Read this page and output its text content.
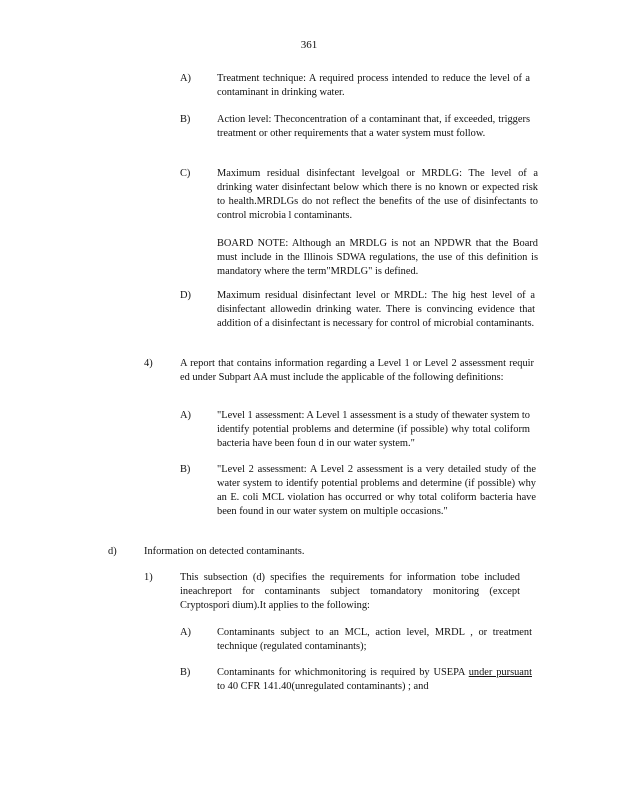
361
A)	Treatment technique: A required process intended to reduce the level of a contaminant in drinking water.

B)	Action level: Theconcentration of a contaminant that, if exceeded, triggers treatment or other requirements that a water system must follow.

C)	Maximum residual disinfectant levelgoal or MRDLG: The level of a drinking water disinfectant below which there is no known or expected risk to health.MRDLGs do not reflect the benefits of the use of disinfectants to control microbia l contaminants.

BOARD NOTE: Although an MRDLG is not an NPDWR that the Board must include in the Illinois SDWA regulations, the use of this definition is mandatory where the term"MRDLG" is defined.

D)	Maximum residual disinfectant level or MRDL: The hig hest level of a disinfectant allowedin drinking water. There is convincing evidence that addition of a disinfectant is necessary for control of microbial contaminants.

4)	A report that contains information regarding a Level 1 or Level 2 assessment requir ed under Subpart AA must include the applicable of the following definitions:

A)	"Level 1 assessment: A Level 1 assessment is a study of thewater system to identify potential problems and determine (if possible) why total coliform bacteria have been foun d in our water system."

B)	"Level 2 assessment: A Level 2 assessment is a very detailed study of the water system to identify potential problems and determine (if possible) why an E. coli MCL violation has occurred or why total coliform bacteria have been found in our water system on multiple occasions."

d)	Information on detected contaminants.
1)	This subsection (d) specifies the requirements for information tobe included ineachreport for contaminants subject tomandatory monitoring (except Cryptospori dium).It applies to the following:

A)	Contaminants subject to an MCL, action level, MRDL , or treatment technique (regulated contaminants);

B)	Contaminants for whichmonitoring is required by USEPA under pursuant to 40 CFR 141.40(unregulated contaminants) ; and
